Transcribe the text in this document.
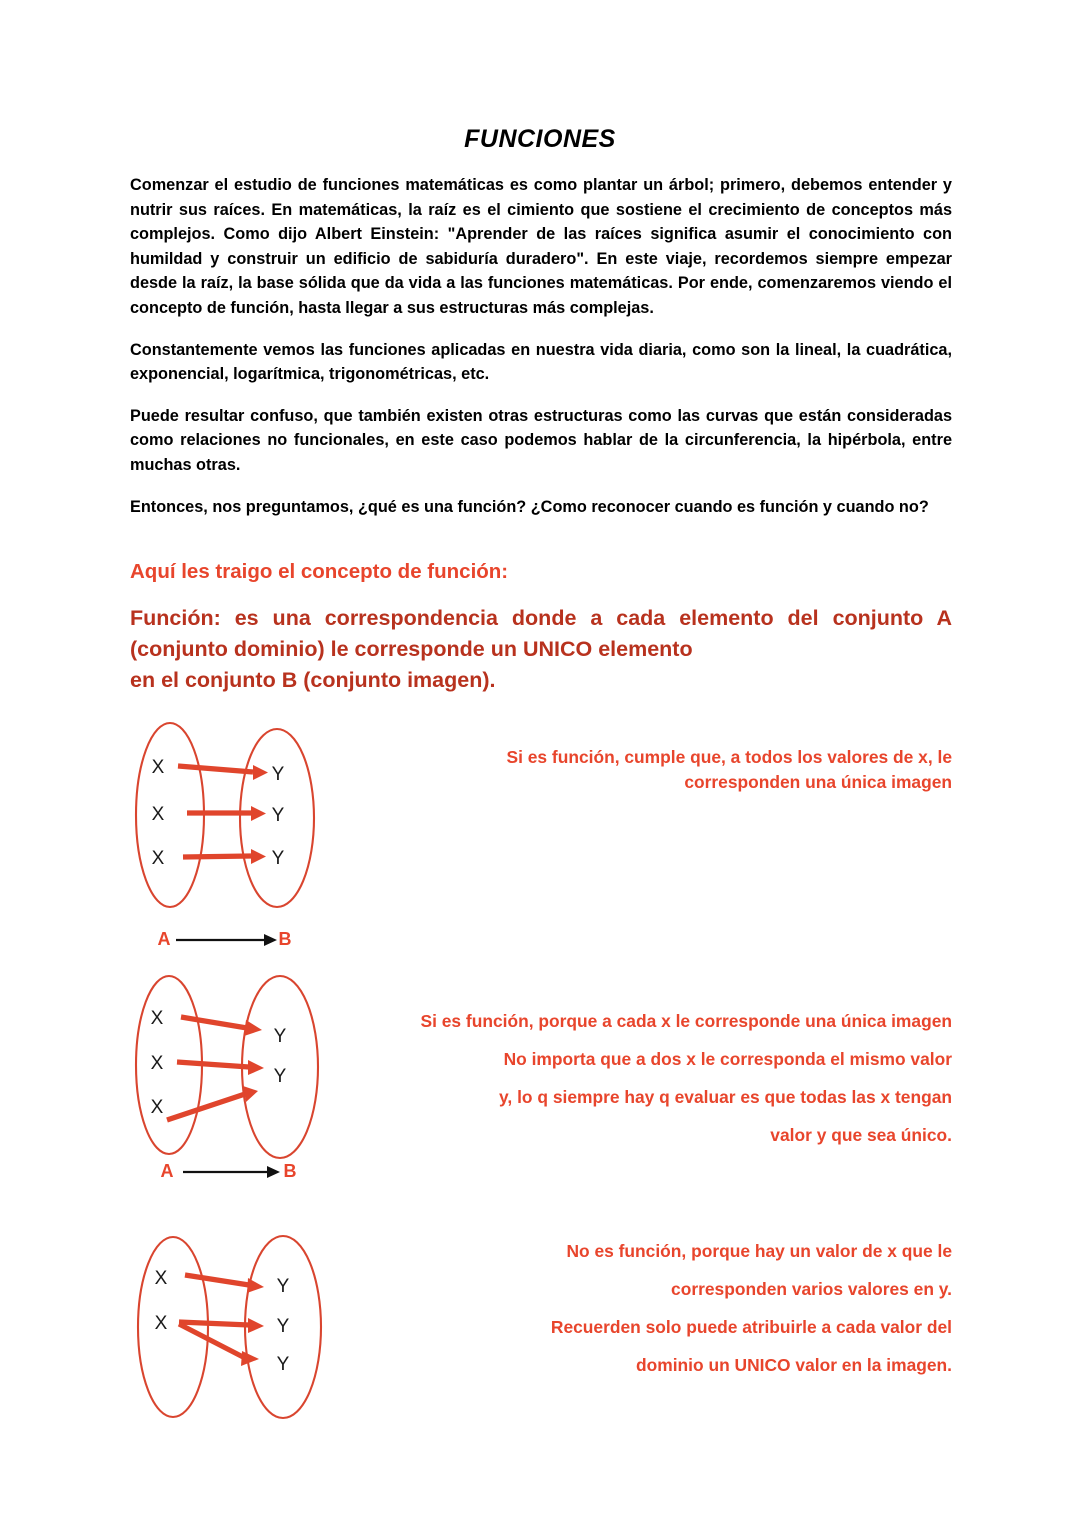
FUNCIONES

Comenzar el estudio de funciones matemáticas es como plantar un árbol; primero, debemos entender y nutrir sus raíces. En matemáticas, la raíz es el cimiento que sostiene el crecimiento de conceptos más complejos. Como dijo Albert Einstein: "Aprender de las raíces significa asumir el conocimiento con humildad y construir un edificio de sabiduría duradero". En este viaje, recordemos siempre empezar desde la raíz, la base sólida que da vida a las funciones matemáticas. Por ende, comenzaremos viendo el concepto de función, hasta llegar a sus estructuras más complejas.

Constantemente vemos las funciones aplicadas en nuestra vida diaria, como son la lineal, la cuadrática, exponencial, logarítmica, trigonométricas, etc.

Puede resultar confuso, que también existen otras estructuras como las curvas que están consideradas como relaciones no funcionales, en este caso podemos hablar de la circunferencia, la hipérbola, entre muchas otras.

Entonces, nos preguntamos, ¿qué es una función? ¿Como reconocer cuando es función y cuando no?

Aquí les traigo el concepto de función:
Función: es una correspondencia donde a cada elemento del conjunto A (conjunto dominio) le corresponde un UNICO elemento
en el conjunto B (conjunto imagen).
X
X
X
Y
Y
Y
A	B
Si es función, cumple que, a todos los valores de x, le
corresponden una única imagen
X
X
X
Y
Y
A	B
Si es función, porque a cada x le corresponde una única imagen
No importa que a dos x le corresponda el mismo valor
y, lo q siempre hay q evaluar es que todas las x tengan
valor y que sea único.
X
X
Y
Y
Y
No es función, porque hay un valor de x que le
corresponden varios valores en y.
Recuerden solo puede atribuirle a cada valor del
dominio un UNICO valor en la imagen.
